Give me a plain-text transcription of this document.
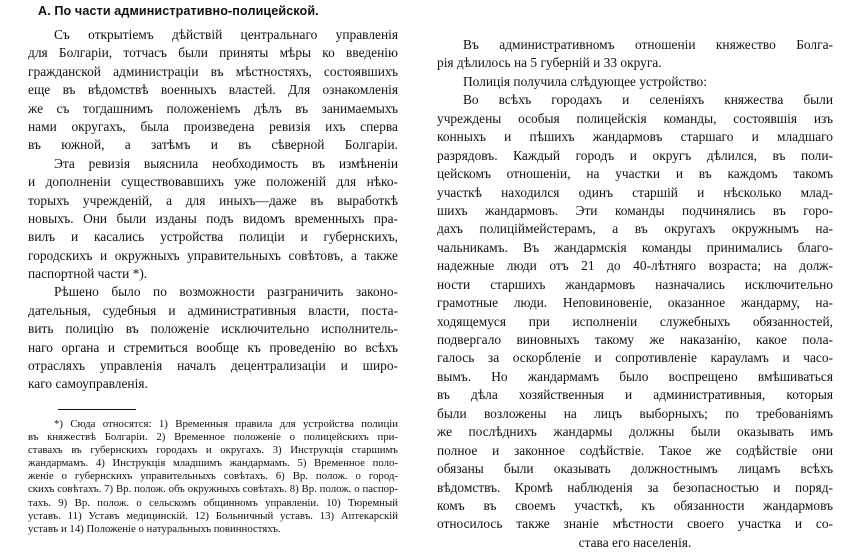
А. По части административно-полицейской.
Съ открытіемъ дѣйствій центральнаго управленія
для Болгаріи, тотчасъ были приняты мѣры ко введенію
гражданской администраціи въ мѣстностяхъ, состоявшихъ
еще въ вѣдомствѣ военныхъ властей. Для ознакомленія
же съ тогдашнимъ положеніемъ дѣлъ въ занимаемыхъ
нами округахъ, была произведена ревизія ихъ сперва
въ южной, а затѣмъ и въ сѣверной Болгаріи.
Эта ревизія выяснила необходимость въ измѣненіи
и дополненіи существовавшихъ уже положеній для нѣко-
торыхъ учрежденій, а для иныхъ—даже въ выработкѣ
новыхъ. Они были изданы подъ видомъ временныхъ пра-
вилъ и касались устройства полиціи и губернскихъ,
городскихъ и окружныхъ управительныхъ совѣтовъ, а также
паспортной части *).
Рѣшено было по возможности разграничить законо-
дательныя, судебныя и административныя власти, поста-
вить полицію въ положеніе исключительно исполнитель-
наго органа и стремиться вообще къ проведенію во всѣхъ
отрасляхъ управленія началъ децентрализаціи и широ-
каго самоуправленія.
*) Сюда относятся: 1) Временныя правила для устройства полиціи
въ княжествѣ Болгаріи. 2) Временное положеніе о полицейскихъ при-
ставахъ въ губернскихъ городахъ и округахъ. 3) Инструкція старшимъ
жандармамъ. 4) Инструкція младшимъ жандармамъ. 5) Временное поло-
женіе о губернскихъ управительныхъ совѣтахъ. 6) Вр. полож. о город-
скихъ совѣтахъ. 7) Вр. полож. объ окружныхъ совѣтахъ. 8) Вр. полож. о паспор-
тахъ. 9) Вр. полож. о сельскомъ общинномъ управленіи. 10) Тюремный
уставъ. 11) Уставъ медицинскій. 12) Больничный уставъ. 13) Аптекарскій
уставъ и 14) Положеніе о натуральныхъ повинностяхъ.
Въ административномъ отношеніи княжество Болга-
рія дѣлилось на 5 губерній и 33 округа.
Полиція получила слѣдующее устройство:
Во всѣхъ городахъ и селеніяхъ княжества были
учреждены особыя полицейскія команды, состоявшія изъ
конныхъ и пѣшихъ жандармовъ старшаго и младшаго
разрядовъ. Каждый городъ и округъ дѣлился, въ поли-
цейскомъ отношеніи, на участки и въ каждомъ такомъ
участкѣ находился одинъ старшій и нѣсколько млад-
шихъ жандармовъ. Эти команды подчинялись въ горо-
дахъ полиціймейстерамъ, а въ округахъ окружнымъ на-
чальникамъ. Въ жандармскія команды принимались благо-
надежные люди отъ 21 до 40-лѣтняго возраста; на долж-
ности старшихъ жандармовъ назначались исключительно
грамотные люди. Неповиновеніе, оказанное жандарму, на-
ходящемуся при исполненіи служебныхъ обязанностей,
подвергало виновныхъ такому же наказанію, какое пола-
галось за оскорбленіе и сопротивленіе карауламъ и часо-
вымъ. Но жандармамъ было воспрещено вмѣшиваться
въ дѣла хозяйственныя и административныя, которыя
были возложены на лицъ выборныхъ; по требованіямъ
же послѣднихъ жандармы должны были оказывать имъ
полное и законное содѣйствіе. Такое же содѣйствіе они
обязаны были оказывать должностнымъ лицамъ всѣхъ
вѣдомствъ. Кромѣ наблюденія за безопасностью и поряд-
комъ въ своемъ участкѣ, къ обязанности жандармовъ
относилось также знаніе мѣстности своего участка и со-
става его населенія.
